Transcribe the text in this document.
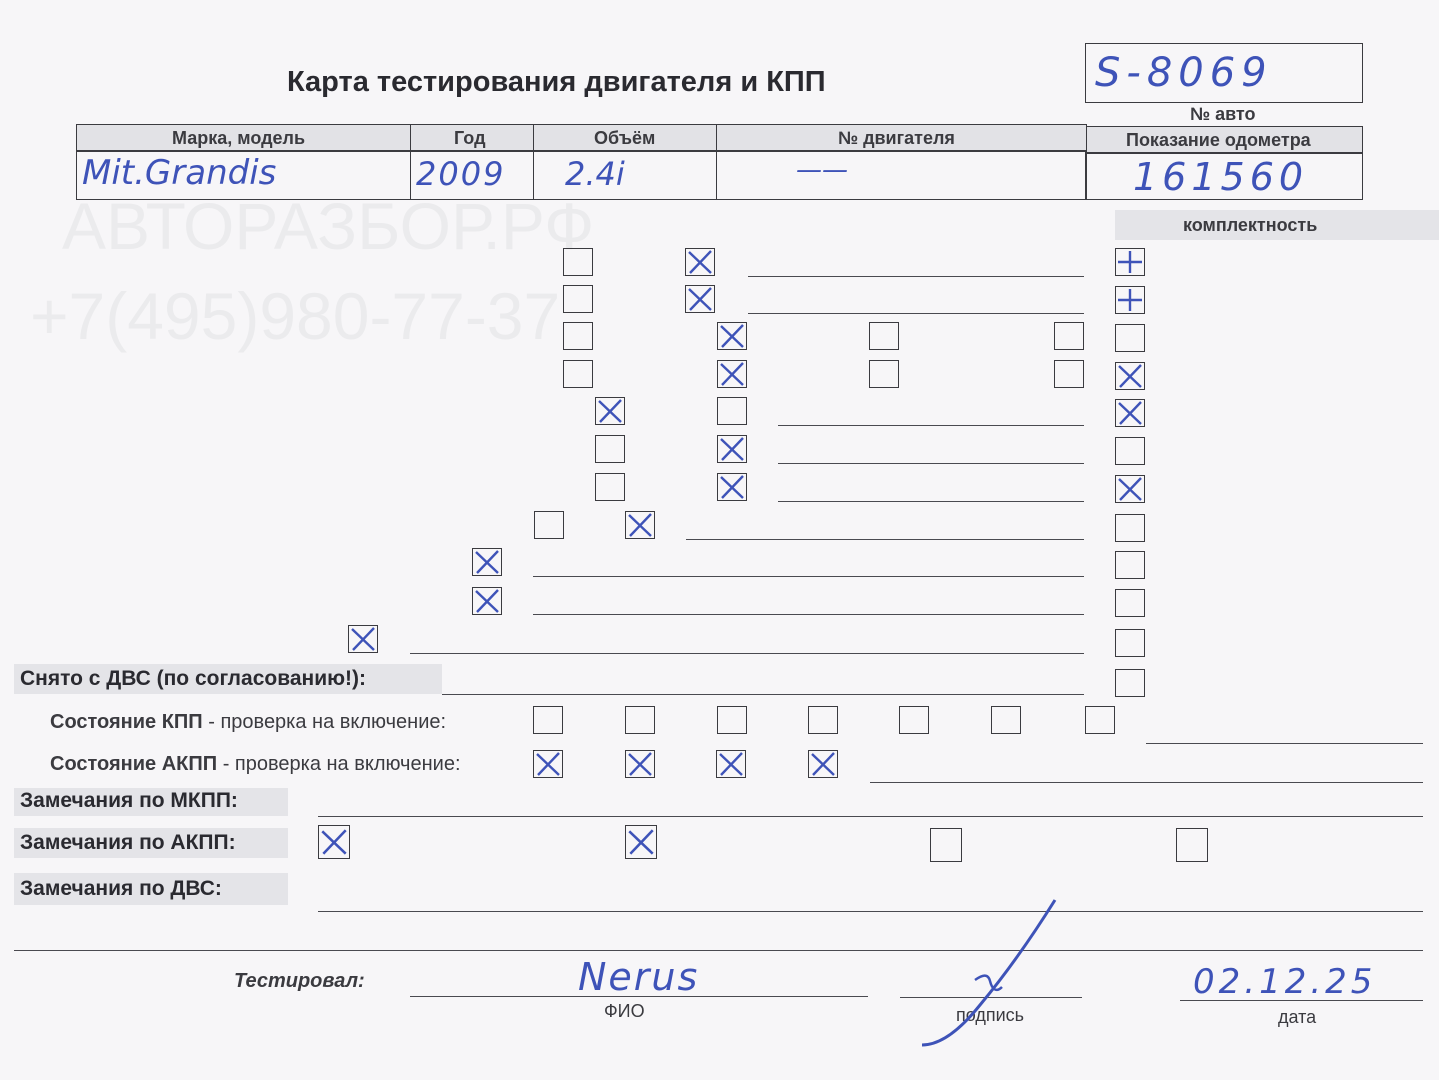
АВТОРАЗБОР.РФ
+7(495)980-77-37
Карта тестирования двигателя и КПП	S-8069
№ авто
Показание одометра
161560
Марка, модель	Год	Объём	№ двигателя
Mit.Grandis	2009 2.4i	——
комплектность
Снято с ДВС (по согласованию!):
Состояние КПП - проверка на включение:
Состояние АКПП - проверка на включение:
Замечания по МКПП:
Замечания по АКПП:
Замечания по ДВС:
Тестировал:	Nerus
ФИО	подпись
02.12.25
дата
